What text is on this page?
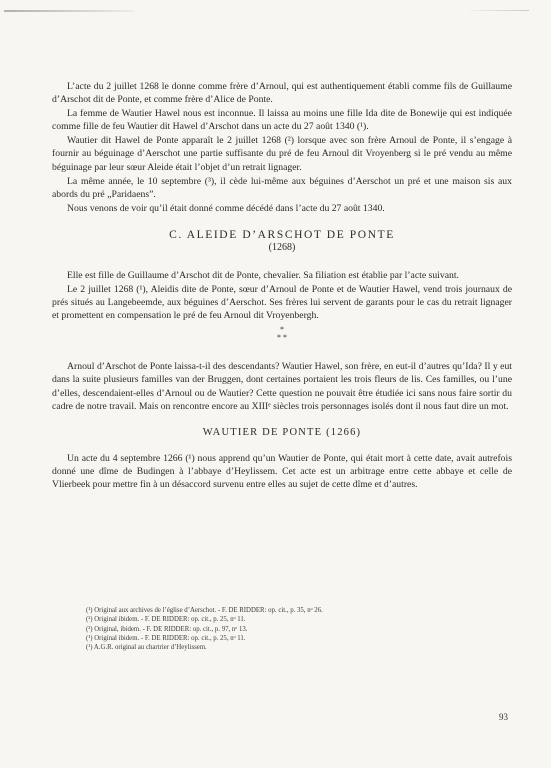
L’acte du 2 juillet 1268 le donne comme frère d’Arnoul, qui est authentiquement établi comme fils de Guillaume d’Arschot dit de Ponte, et comme frère d’Alice de Ponte.

La femme de Wautier Hawel nous est inconnue. Il laissa au moins une fille Ida dite de Bonewije qui est indiquée comme fille de feu Wautier dit Hawel d’Arschot dans un acte du 27 août 1340 (¹).

Wautier dit Hawel de Ponte apparaît le 2 juillet 1268 (²) lorsque avec son frère Arnoul de Ponte, il s’engage à fournir au béguinage d’Aerschot une partie suffisante du pré de feu Arnoul dit Vroyenberg si le pré vendu au même béguinage par leur sœur Aleide était l’objet d’un retrait lignager.

La même année, le 10 septembre (³), il cède lui-même aux béguines d’Aerschot un pré et une maison sis aux abords du pré „Paridaens”.

Nous venons de voir qu’il était donné comme décédé dans l’acte du 27 août 1340.

C. ALEIDE D’ARSCHOT DE PONTE
(1268)

Elle est fille de Guillaume d’Arschot dit de Ponte, chevalier. Sa filiation est établie par l’acte suivant.

Le 2 juillet 1268 (¹), Aleidis dite de Ponte, sœur d’Arnoul de Ponte et de Wautier Hawel, vend trois journaux de prés situés au Langebeemde, aux béguines d’Aerschot. Ses frères lui servent de garants pour le cas du retrait lignager et promettent en compensation le pré de feu Arnoul dit Vroyenbergh.

*
* *

Arnoul d’Arschot de Ponte laissa-t-il des descendants? Wautier Hawel, son frère, en eut-il d’autres qu’Ida? Il y eut dans la suite plusieurs familles van der Bruggen, dont certaines portaient les trois fleurs de lis. Ces familles, ou l’une d’elles, descendaient-elles d’Arnoul ou de Wautier? Cette question ne pouvait être étudiée ici sans nous faire sortir du cadre de notre travail. Mais on rencontre encore au XIIIᵉ siècles trois personnages isolés dont il nous faut dire un mot.

WAUTIER DE PONTE (1266)

Un acte du 4 septembre 1266 (¹) nous apprend qu’un Wautier de Ponte, qui était mort à cette date, avait autrefois donné une dîme de Budingen à l’abbaye d’Heylissem. Cet acte est un arbitrage entre cette abbaye et celle de Vlierbeek pour mettre fin à un désaccord survenu entre elles au sujet de cette dîme et d’autres.

(¹) Original aux archives de l’église d’Aerschot. - F. DE RIDDER: op. cit., p. 35, nᵒ 26.
(²) Original ibidem. - F. DE RIDDER: op. cit., p. 25, nᵒ 11.
(³) Original, ibidem. - F. DE RIDDER: op. cit., p. 97, nᵒ 13.
(¹) Original ibidem. - F. DE RIDDER: op. cit., p. 25, nᵒ 11.
(¹) A.G.R. original au chartrier d’Heylissem.
93
